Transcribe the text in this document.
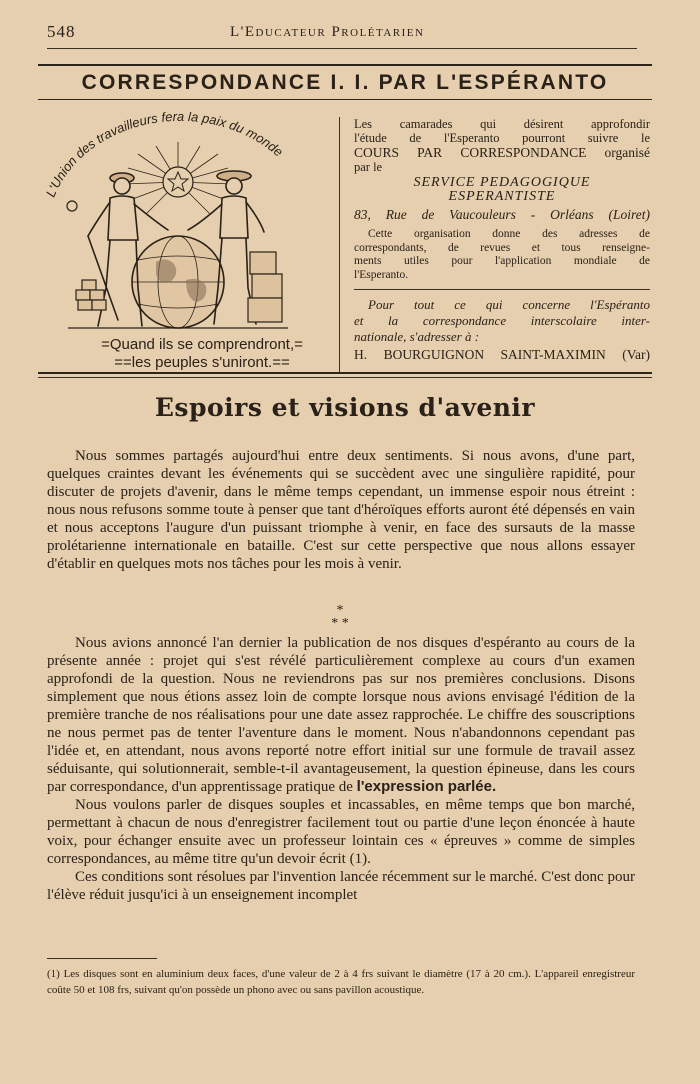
548	L'Educateur Prolétarien
CORRESPONDANCE I. I. PAR L'ESPÉRANTO
L'Union des travailleurs fera la paix du monde
=Quand ils se comprendront,=
==les peuples s'uniront.==
Les camarades qui désirent approfondir
l'étude de l'Esperanto pourront suivre le
COURS PAR CORRESPONDANCE organisé
par le
SERVICE PEDAGOGIQUE
ESPERANTISTE
83, Rue de Vaucouleurs - Orléans (Loiret)
Cette organisation donne des adresses de
correspondants, de revues et tous renseigne-
ments utiles pour l'application mondiale de
l'Esperanto.
Pour tout ce qui concerne l'Espéranto
et la correspondance interscolaire inter-
nationale, s'adresser à :
H. BOURGUIGNON SAINT-MAXIMIN (Var)
Espoirs et visions d'avenir

Nous sommes partagés aujourd'hui entre deux sentiments. Si nous avons, d'une part, quelques craintes devant les événements qui se succèdent avec une singulière rapidité, pour discuter de projets d'avenir, dans le même temps cependant, un immense espoir nous étreint : nous nous refusons somme toute à penser que tant d'héroïques efforts auront été dépensés en vain et nous acceptons l'augure d'un puissant triomphe à venir, en face des sursauts de la masse prolétarienne internationale en bataille. C'est sur cette perspective que nous allons essayer d'établir en quelques mots nos tâches pour les mois à venir.

*
* *

Nous avions annoncé l'an dernier la publication de nos disques d'espéranto au cours de la présente année : projet qui s'est révélé particulièrement complexe au cours d'un examen approfondi de la question. Nous ne reviendrons pas sur nos premières conclusions. Disons simplement que nous étions assez loin de compte lorsque nous avions envisagé l'édition de la première tranche de nos réalisations pour une date assez rapprochée. Le chiffre des souscriptions ne nous permet pas de tenter l'aventure dans le moment. Nous n'abandonnons cependant pas l'idée et, en attendant, nous avons reporté notre effort initial sur une formule de travail assez séduisante, qui solutionnerait, semble-t-il avantageusement, la question épineuse, dans les cours par correspondance, d'un apprentissage pratique de l'expression parlée.

Nous voulons parler de disques souples et incassables, en même temps que bon marché, permettant à chacun de nous d'enregistrer facilement tout ou partie d'une leçon énoncée à haute voix, pour échanger ensuite avec un professeur lointain ces « épreuves » comme de simples correspondances, au même titre qu'un devoir écrit (1).

Ces conditions sont résolues par l'invention lancée récemment sur le marché. C'est donc pour l'élève réduit jusqu'ici à un enseignement incomplet

(1) Les disques sont en aluminium deux faces, d'une valeur de 2 à 4 frs suivant le diamètre (17 à 20 cm.). L'appareil enregistreur coûte 50 et 108 frs, suivant qu'on possède un phono avec ou sans pavillon acoustique.
